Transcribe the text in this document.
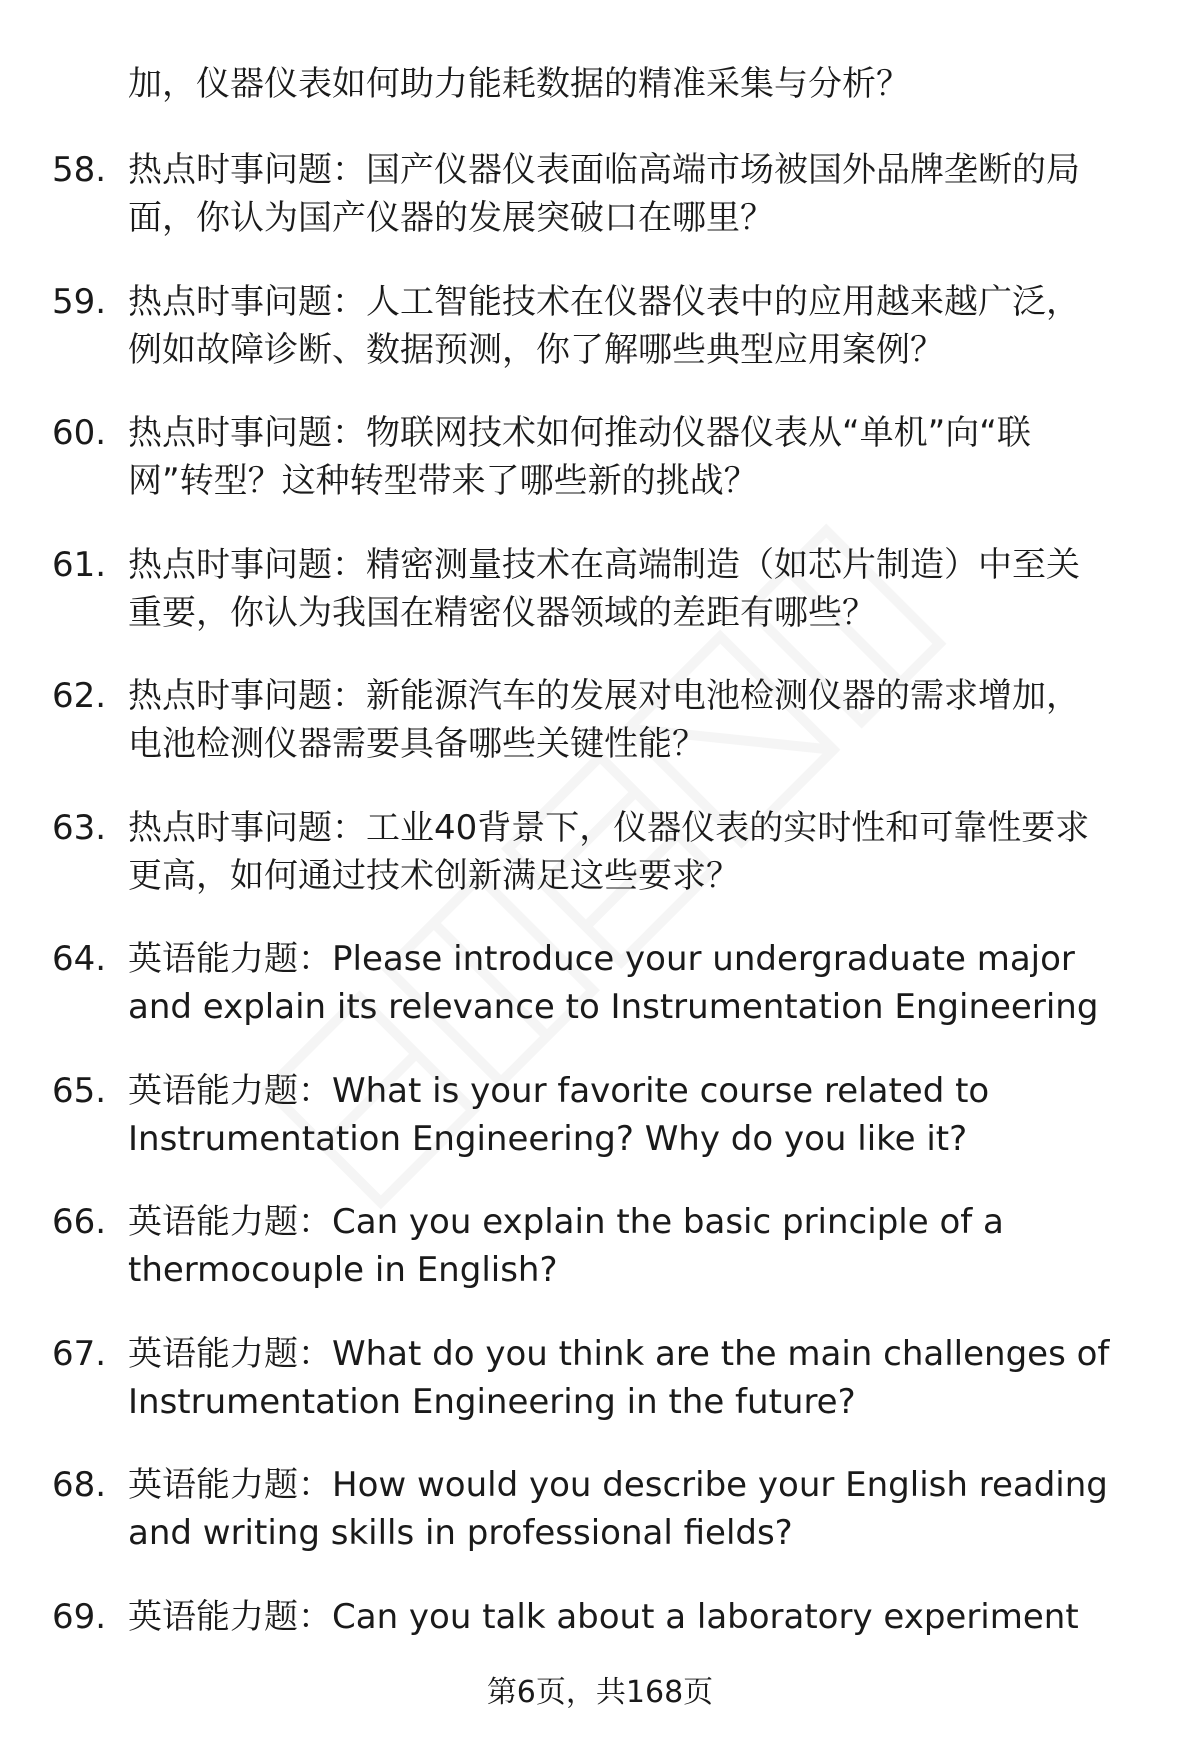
加，仪器仪表如何助力能耗数据的精准采集与分析？
58. 热点时事问题：国产仪器仪表面临高端市场被国外品牌垄断的局
面，你认为国产仪器的发展突破口在哪里？
59. 热点时事问题：人工智能技术在仪器仪表中的应用越来越广泛，
例如故障诊断、数据预测，你了解哪些典型应用案例？
60. 热点时事问题：物联网技术如何推动仪器仪表从“单机”向“联
网”转型？这种转型带来了哪些新的挑战？
61. 热点时事问题：精密测量技术在高端制造（如芯片制造）中至关
重要，你认为我国在精密仪器领域的差距有哪些？
62. 热点时事问题：新能源汽车的发展对电池检测仪器的需求增加，
电池检测仪器需要具备哪些关键性能？
63. 热点时事问题：工业40背景下，仪器仪表的实时性和可靠性要求
更高，如何通过技术创新满足这些要求？
64. 英语能力题：Please introduce your undergraduate major
and explain its relevance to Instrumentation Engineering
65. 英语能力题：What is your favorite course related to
Instrumentation Engineering? Why do you like it?
66. 英语能力题：Can you explain the basic principle of a
thermocouple in English?
67. 英语能力题：What do you think are the main challenges of
Instrumentation Engineering in the future?
68. 英语能力题：How would you describe your English reading
and writing skills in professional fields?
69. 英语能力题：Can you talk about a laboratory experiment
第6页，共168页
